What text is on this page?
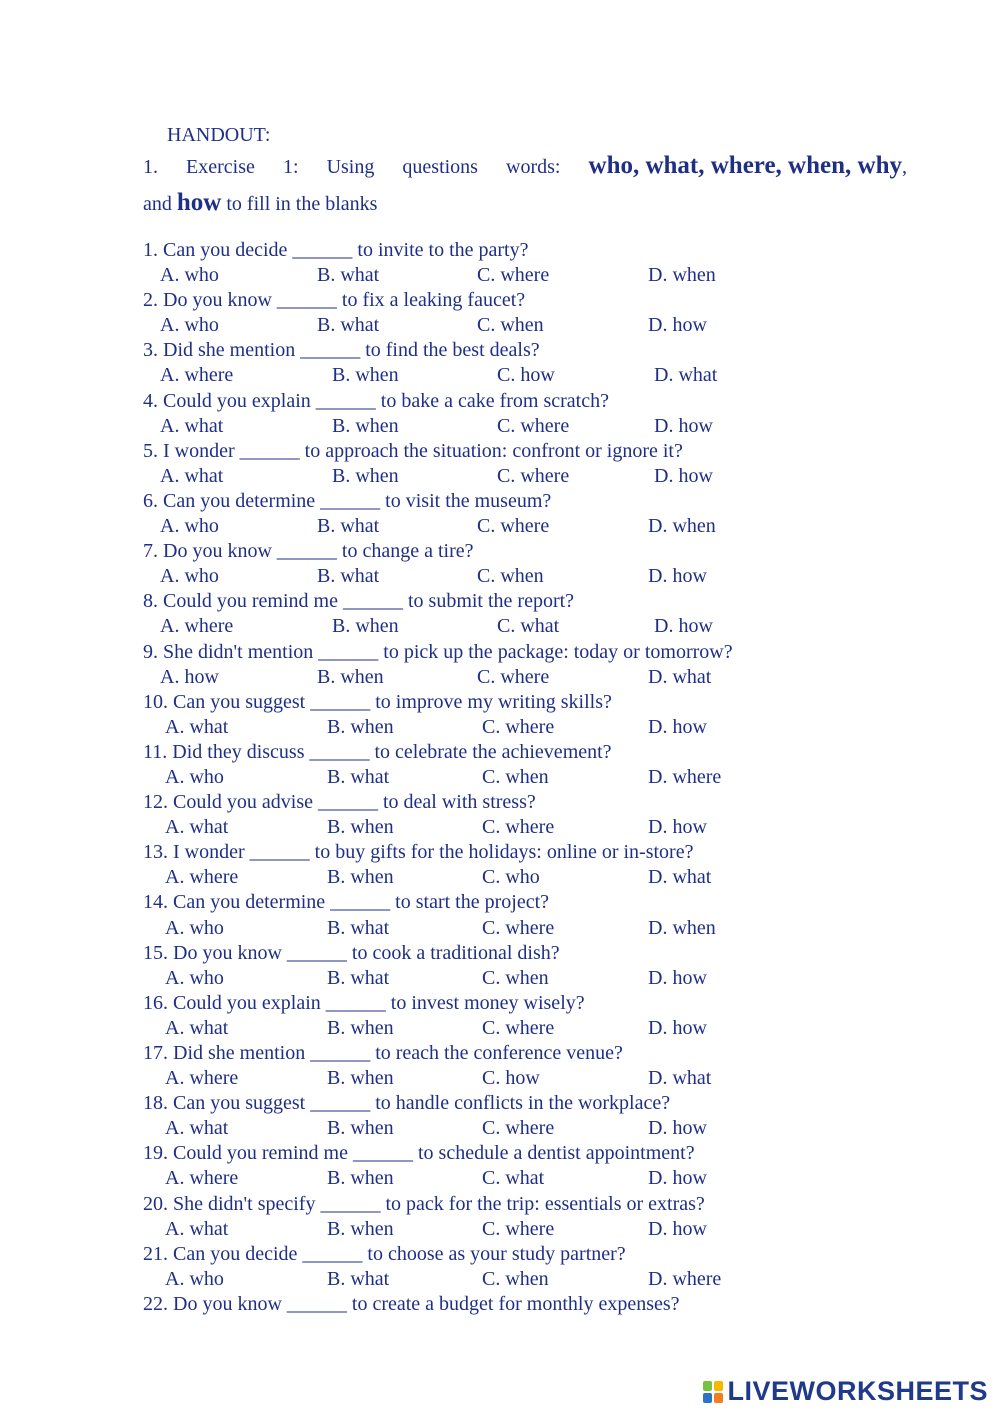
HANDOUT:
1. Exercise 1: Using questions words: who, what, where, when, why,
and how to fill in the blanks
1. Can you decide ______ to invite to the party?
A. who	B. what	C. where	D. when
2. Do you know ______ to fix a leaking faucet?
A. who	B. what	C. when	D. how
3. Did she mention ______ to find the best deals?
A. where	B. when	C. how	D. what
4. Could you explain ______ to bake a cake from scratch?
A. what	B. when	C. where	D. how
5. I wonder ______ to approach the situation: confront or ignore it?
A. what	B. when	C. where	D. how
6. Can you determine ______ to visit the museum?
A. who	B. what	C. where	D. when
7. Do you know ______ to change a tire?
A. who	B. what	C. when	D. how
8. Could you remind me ______ to submit the report?
A. where	B. when	C. what	D. how
9. She didn't mention ______ to pick up the package: today or tomorrow?
A. how	B. when	C. where	D. what
10. Can you suggest ______ to improve my writing skills?
A. what	B. when	C. where	D. how
11. Did they discuss ______ to celebrate the achievement?
A. who	B. what	C. when	D. where
12. Could you advise ______ to deal with stress?
A. what	B. when	C. where	D. how
13. I wonder ______ to buy gifts for the holidays: online or in-store?
A. where	B. when	C. who	D. what
14. Can you determine ______ to start the project?
A. who	B. what	C. where	D. when
15. Do you know ______ to cook a traditional dish?
A. who	B. what	C. when	D. how
16. Could you explain ______ to invest money wisely?
A. what	B. when	C. where	D. how
17. Did she mention ______ to reach the conference venue?
A. where	B. when	C. how	D. what
18. Can you suggest ______ to handle conflicts in the workplace?
A. what	B. when	C. where	D. how
19. Could you remind me ______ to schedule a dentist appointment?
A. where	B. when	C. what	D. how
20. She didn't specify ______ to pack for the trip: essentials or extras?
A. what	B. when	C. where	D. how
21. Can you decide ______ to choose as your study partner?
A. who	B. what	C. when	D. where
22. Do you know ______ to create a budget for monthly expenses?
LIVEWORKSHEETS
